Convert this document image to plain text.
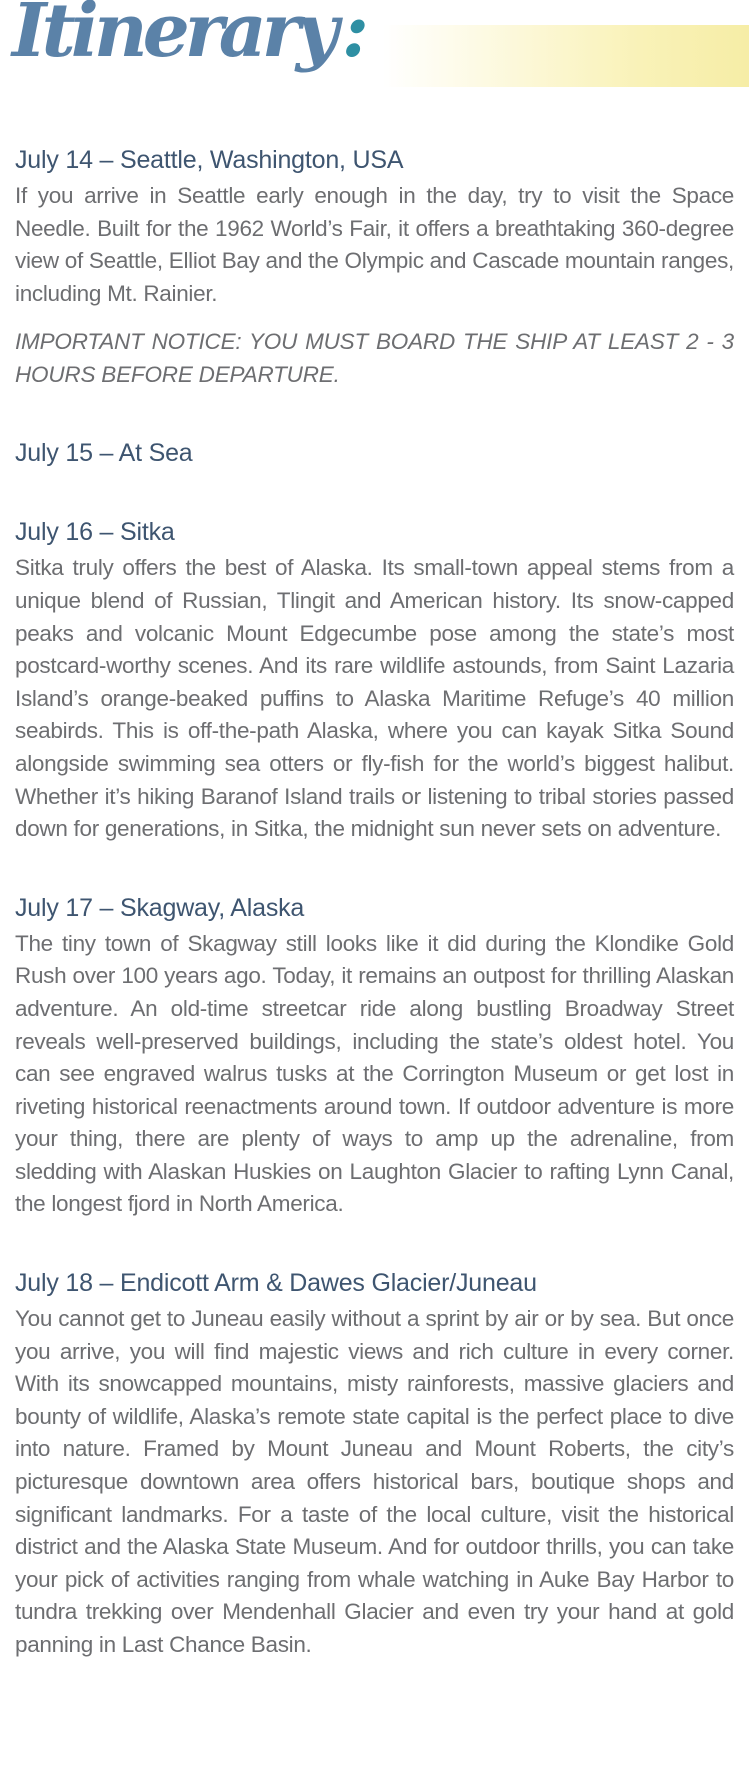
Itinerary :
July 14 – Seattle, Washington, USA

If you arrive in Seattle early enough in the day, try to visit the Space Needle. Built for the 1962 World’s Fair, it offers a breathtaking 360-degree view of Seattle, Elliot Bay and the Olympic and Cascade mountain ranges, including Mt. Rainier.

IMPORTANT NOTICE: YOU MUST BOARD THE SHIP AT LEAST 2 - 3 HOURS BEFORE DEPARTURE.

July 15 – At Sea
July 16 – Sitka

Sitka truly offers the best of Alaska. Its small-town appeal stems from a unique blend of Russian, Tlingit and American history. Its snow-capped peaks and volcanic Mount Edgecumbe pose among the state’s most postcard-worthy scenes. And its rare wildlife astounds, from Saint Lazaria Island’s orange-beaked puffins to Alaska Maritime Refuge’s 40 million seabirds. This is off-the-path Alaska, where you can kayak Sitka Sound alongside swimming sea otters or fly-fish for the world’s biggest halibut. Whether it’s hiking Baranof Island trails or listening to tribal stories passed down for generations, in Sitka, the midnight sun never sets on adventure.

July 17 – Skagway, Alaska

The tiny town of Skagway still looks like it did during the Klondike Gold Rush over 100 years ago. Today, it remains an outpost for thrilling Alaskan adventure. An old-time streetcar ride along bustling Broadway Street reveals well-preserved buildings, including the state’s oldest hotel. You can see engraved walrus tusks at the Corrington Museum or get lost in riveting historical reenactments around town. If outdoor adventure is more your thing, there are plenty of ways to amp up the adrenaline, from sledding with Alaskan Huskies on Laughton Glacier to rafting Lynn Canal, the longest fjord in North America.

July 18 – Endicott Arm & Dawes Glacier/Juneau

You cannot get to Juneau easily without a sprint by air or by sea. But once you arrive, you will find majestic views and rich culture in every corner. With its snowcapped mountains, misty rainforests, massive glaciers and bounty of wildlife, Alaska’s remote state capital is the perfect place to dive into nature. Framed by Mount Juneau and Mount Roberts, the city’s picturesque downtown area offers historical bars, boutique shops and significant landmarks. For a taste of the local culture, visit the historical district and the Alaska State Museum. And for outdoor thrills, you can take your pick of activities ranging from whale watching in Auke Bay Harbor to tundra trekking over Mendenhall Glacier and even try your hand at gold panning in Last Chance Basin.
